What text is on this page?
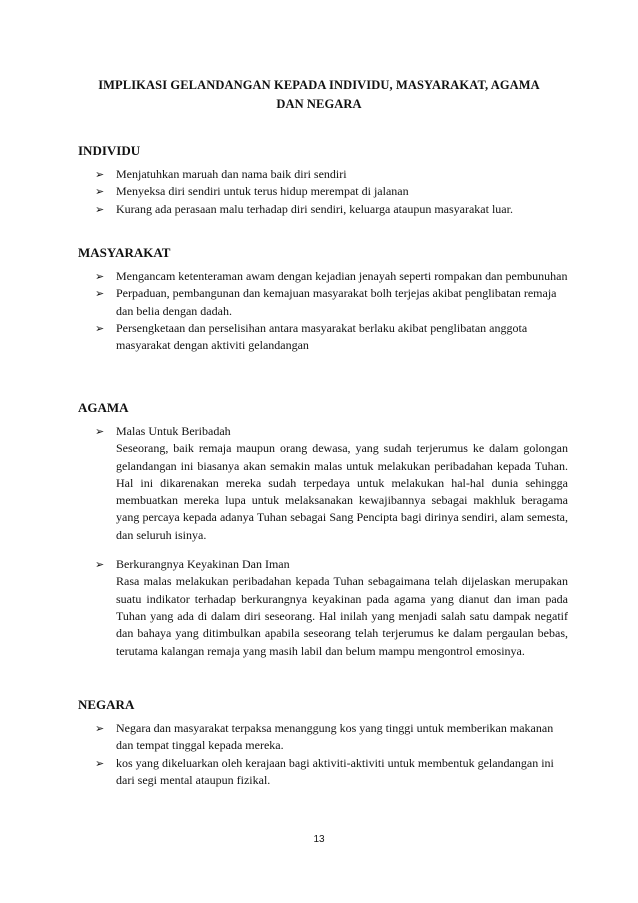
IMPLIKASI GELANDANGAN KEPADA INDIVIDU, MASYARAKAT, AGAMA
DAN NEGARA

INDIVIDU

➢ Menjatuhkan maruah dan nama baik diri sendiri
➢ Menyeksa diri sendiri untuk terus hidup merempat di jalanan
➢ Kurang ada perasaan malu terhadap diri sendiri, keluarga ataupun masyarakat luar.

MASYARAKAT

➢ Mengancam ketenteraman awam dengan kejadian jenayah seperti rompakan dan pembunuhan
➢ Perpaduan, pembangunan dan kemajuan masyarakat bolh terjejas akibat penglibatan remaja dan belia dengan dadah.
➢ Persengketaan dan perselisihan antara masyarakat berlaku akibat penglibatan anggota masyarakat dengan aktiviti gelandangan

AGAMA

➢ Malas Untuk Beribadah
Seseorang, baik remaja maupun orang dewasa, yang sudah terjerumus ke dalam golongan gelandangan ini biasanya akan semakin malas untuk melakukan peribadahan kepada Tuhan. Hal ini dikarenakan mereka sudah terpedaya untuk melakukan hal-hal dunia sehingga membuatkan mereka lupa untuk melaksanakan kewajibannya sebagai makhluk beragama yang percaya kepada adanya Tuhan sebagai Sang Pencipta bagi dirinya sendiri, alam semesta, dan seluruh isinya.
➢ Berkurangnya Keyakinan Dan Iman
Rasa malas melakukan peribadahan kepada Tuhan sebagaimana telah dijelaskan merupakan suatu indikator terhadap berkurangnya keyakinan pada agama yang dianut dan iman pada Tuhan yang ada di dalam diri seseorang. Hal inilah yang menjadi salah satu dampak negatif dan bahaya yang ditimbulkan apabila seseorang telah terjerumus ke dalam pergaulan bebas, terutama kalangan remaja yang masih labil dan belum mampu mengontrol emosinya.

NEGARA

➢ Negara dan masyarakat terpaksa menanggung kos yang tinggi untuk memberikan makanan dan tempat tinggal kepada mereka.
➢ kos yang dikeluarkan oleh kerajaan bagi aktiviti-aktiviti untuk membentuk gelandangan ini dari segi mental ataupun fizikal.
13
